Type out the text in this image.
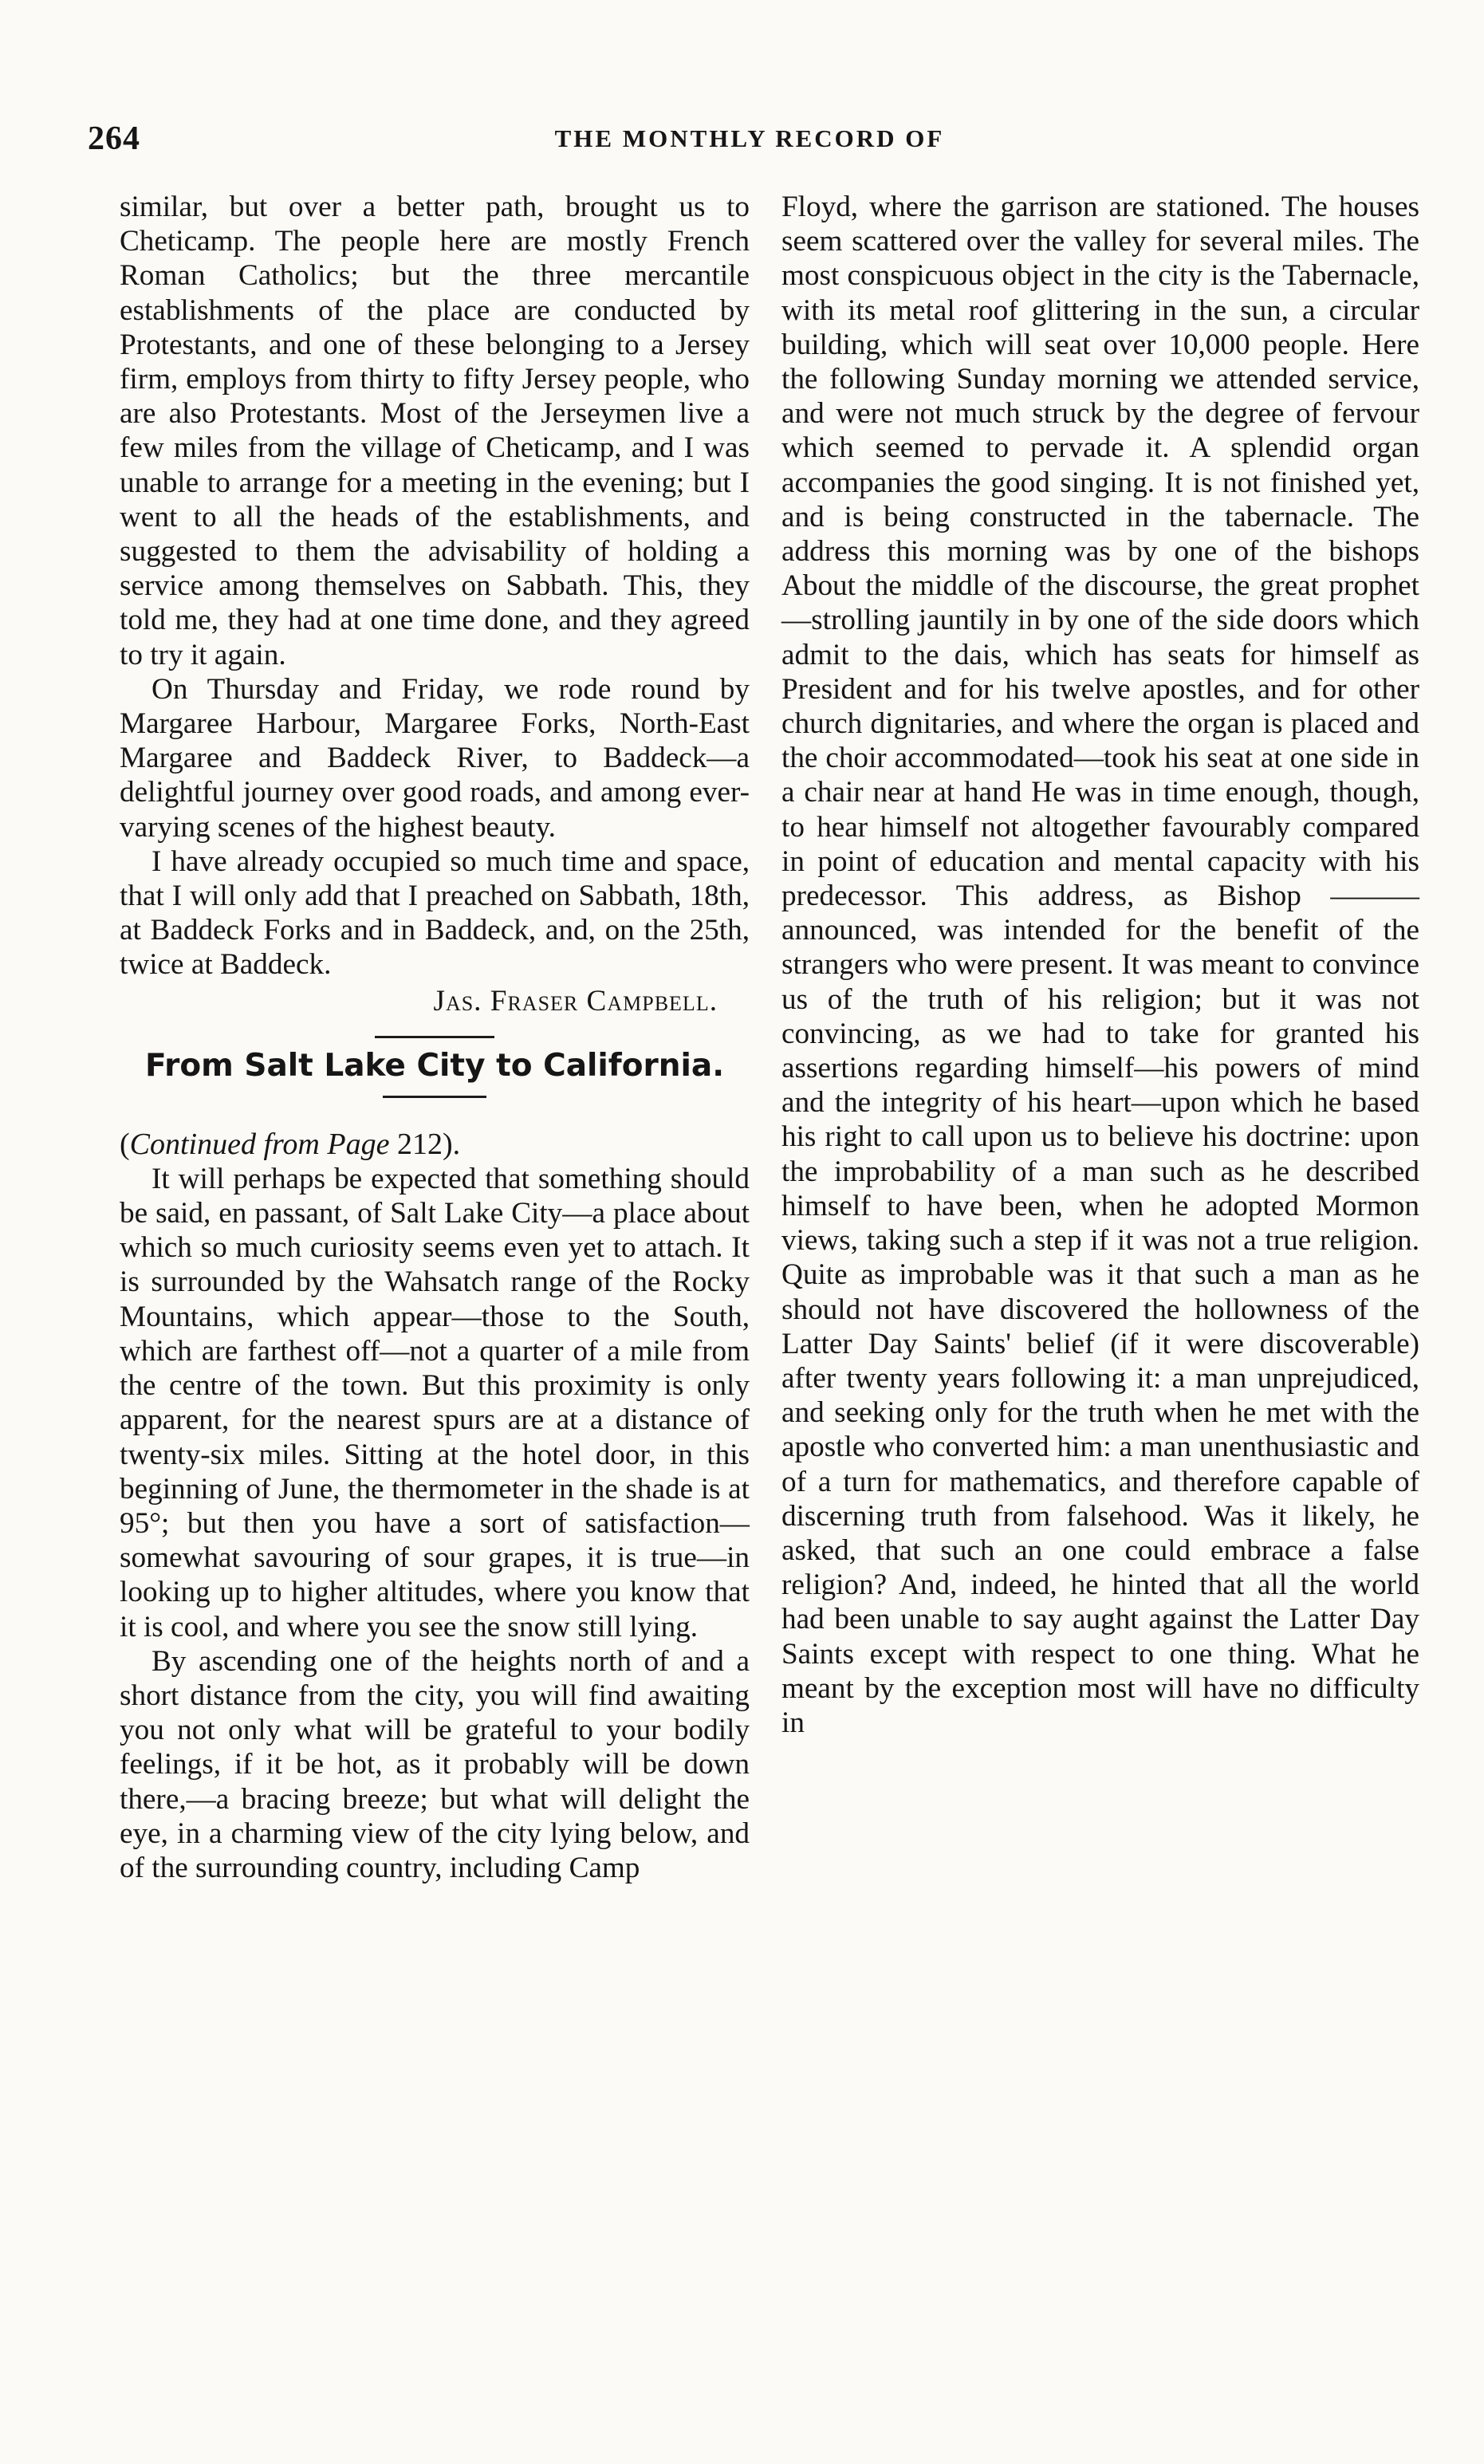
264	THE MONTHLY RECORD OF

similar, but over a better path, brought us to Cheticamp. The people here are mostly French Roman Catholics; but the three mercantile establishments of the place are conducted by Protestants, and one of these belonging to a Jersey firm, employs from thirty to fifty Jersey people, who are also Protestants. Most of the Jerseymen live a few miles from the village of Cheticamp, and I was unable to arrange for a meeting in the evening; but I went to all the heads of the establishments, and suggested to them the advisability of holding a service among themselves on Sabbath. This, they told me, they had at one time done, and they agreed to try it again.

On Thursday and Friday, we rode round by Margaree Harbour, Margaree Forks, North-East Margaree and Baddeck River, to Baddeck—a delightful journey over good roads, and among ever-varying scenes of the highest beauty.

I have already occupied so much time and space, that I will only add that I preached on Sabbath, 18th, at Baddeck Forks and in Baddeck, and, on the 25th, twice at Baddeck.

Jas. Fraser Campbell.
From Salt Lake City to California.

(Continued from Page 212).

It will perhaps be expected that something should be said, en passant, of Salt Lake City—a place about which so much curiosity seems even yet to attach. It is surrounded by the Wahsatch range of the Rocky Mountains, which appear—those to the South, which are farthest off—not a quarter of a mile from the centre of the town. But this proximity is only apparent, for the nearest spurs are at a distance of twenty-six miles. Sitting at the hotel door, in this beginning of June, the thermometer in the shade is at 95°; but then you have a sort of satisfaction—somewhat savouring of sour grapes, it is true—in looking up to higher altitudes, where you know that it is cool, and where you see the snow still lying.

By ascending one of the heights north of and a short distance from the city, you will find awaiting you not only what will be grateful to your bodily feelings, if it be hot, as it probably will be down there,—a bracing breeze; but what will delight the eye, in a charming view of the city lying below, and of the surrounding country, including Camp

Floyd, where the garrison are stationed. The houses seem scattered over the valley for several miles. The most conspicuous object in the city is the Tabernacle, with its metal roof glittering in the sun, a circular building, which will seat over 10,000 people. Here the following Sunday morning we attended service, and were not much struck by the degree of fervour which seemed to pervade it. A splendid organ accompanies the good singing. It is not finished yet, and is being constructed in the tabernacle. The address this morning was by one of the bishops About the middle of the discourse, the great prophet—strolling jauntily in by one of the side doors which admit to the dais, which has seats for himself as President and for his twelve apostles, and for other church dignitaries, and where the organ is placed and the choir accommodated—took his seat at one side in a chair near at hand He was in time enough, though, to hear himself not altogether favourably compared in point of education and mental capacity with his predecessor. This address, as Bishop ——— announced, was intended for the benefit of the strangers who were present. It was meant to convince us of the truth of his religion; but it was not convincing, as we had to take for granted his assertions regarding himself—his powers of mind and the integrity of his heart—upon which he based his right to call upon us to believe his doctrine: upon the improbability of a man such as he described himself to have been, when he adopted Mormon views, taking such a step if it was not a true religion. Quite as improbable was it that such a man as he should not have discovered the hollowness of the Latter Day Saints' belief (if it were discoverable) after twenty years following it: a man unprejudiced, and seeking only for the truth when he met with the apostle who converted him: a man unenthusiastic and of a turn for mathematics, and therefore capable of discerning truth from falsehood. Was it likely, he asked, that such an one could embrace a false religion? And, indeed, he hinted that all the world had been unable to say aught against the Latter Day Saints except with respect to one thing. What he meant by the exception most will have no difficulty in
